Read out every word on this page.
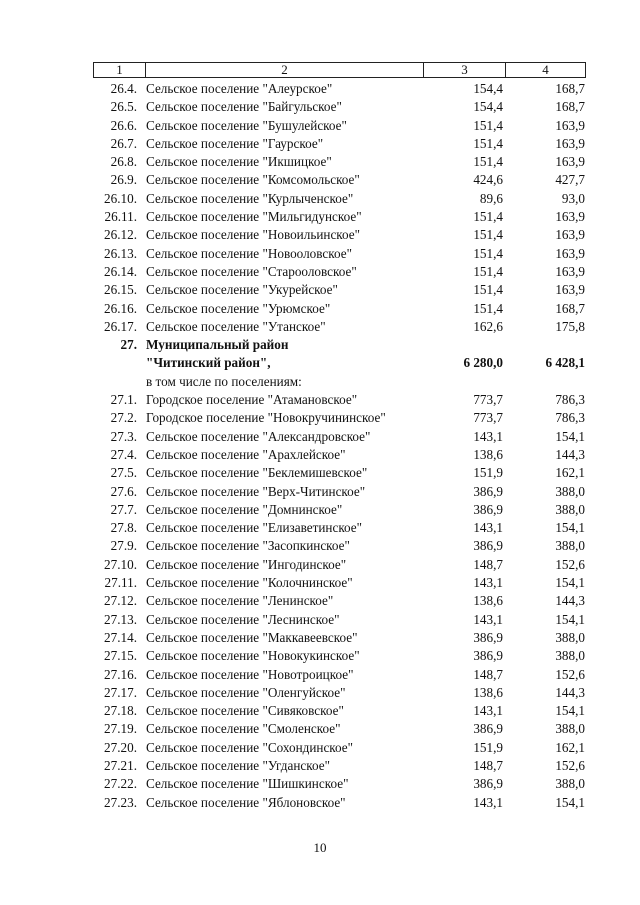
1	2	3	4
26.4. Сельское поселение "Алеурское"	154,4	168,7
26.5. Сельское поселение "Байгульское"	154,4	168,7
26.6. Сельское поселение "Бушулейское"	151,4	163,9
26.7. Сельское поселение "Гаурское"	151,4	163,9
26.8. Сельское поселение "Икшицкое"	151,4	163,9
26.9. Сельское поселение "Комсомольское"	424,6	427,7
26.10. Сельское поселение "Курлыченское"	89,6	93,0
26.11. Сельское поселение "Мильгидунское"	151,4	163,9
26.12. Сельское поселение "Новоильинское"	151,4	163,9
26.13. Сельское поселение "Новооловское"	151,4	163,9
26.14. Сельское поселение "Старооловское"	151,4	163,9
26.15. Сельское поселение "Укурейское"	151,4	163,9
26.16. Сельское поселение "Урюмское"	151,4	168,7
26.17. Сельское поселение "Утанское"	162,6	175,8
27. Муниципальный район
"Читинский район",	6 280,0	6 428,1
в том числе по поселениям:
27.1. Городское поселение "Атамановское"	773,7	786,3
27.2. Городское поселение "Новокручининское"	773,7	786,3
27.3. Сельское поселение "Александровское"	143,1	154,1
27.4. Сельское поселение "Арахлейское"	138,6	144,3
27.5. Сельское поселение "Беклемишевское"	151,9	162,1
27.6. Сельское поселение "Верх-Читинское"	386,9	388,0
27.7. Сельское поселение "Домнинское"	386,9	388,0
27.8. Сельское поселение "Елизаветинское"	143,1	154,1
27.9. Сельское поселение "Засопкинское"	386,9	388,0
27.10. Сельское поселение "Ингодинское"	148,7	152,6
27.11. Сельское поселение "Колочнинское"	143,1	154,1
27.12. Сельское поселение "Ленинское"	138,6	144,3
27.13. Сельское поселение "Леснинское"	143,1	154,1
27.14. Сельское поселение "Маккавеевское"	386,9	388,0
27.15. Сельское поселение "Новокукинское"	386,9	388,0
27.16. Сельское поселение "Новотроицкое"	148,7	152,6
27.17. Сельское поселение "Оленгуйское"	138,6	144,3
27.18. Сельское поселение "Сивяковское"	143,1	154,1
27.19. Сельское поселение "Смоленское"	386,9	388,0
27.20. Сельское поселение "Сохондинское"	151,9	162,1
27.21. Сельское поселение "Угданское"	148,7	152,6
27.22. Сельское поселение "Шишкинское"	386,9	388,0
27.23. Сельское поселение "Яблоновское"	143,1	154,1
10
